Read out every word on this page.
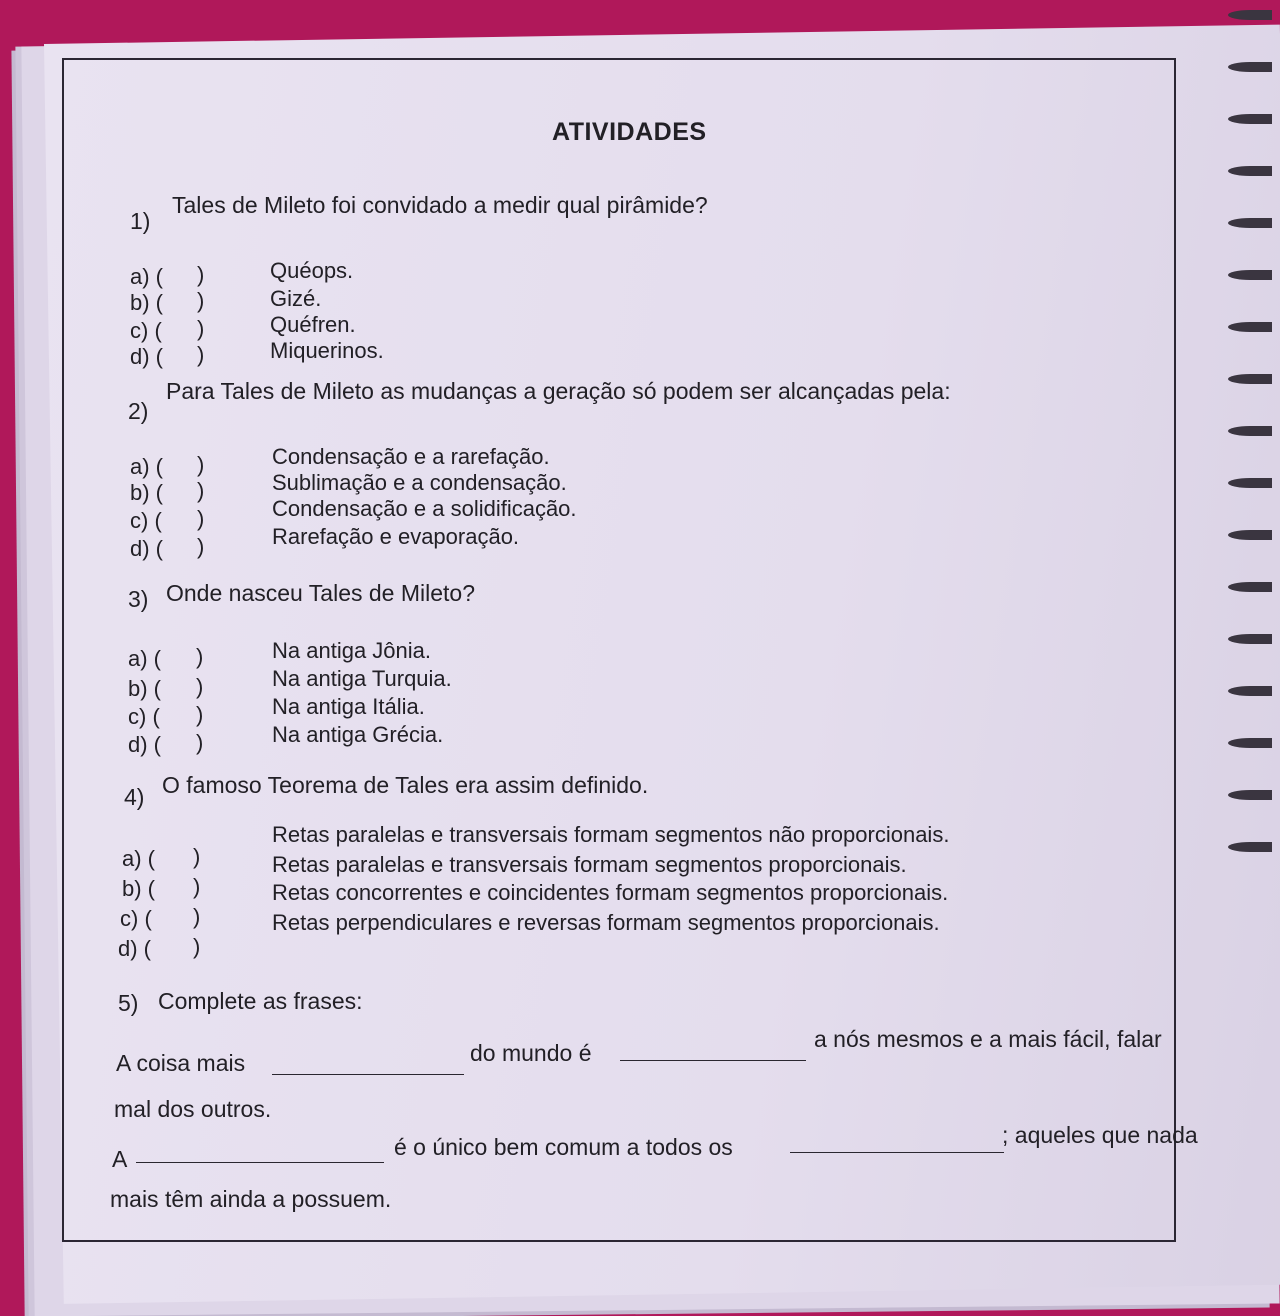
ATIVIDADES
1)
Tales de Mileto foi convidado a medir qual pirâmide?
a) ( )	Quéops.
b) ( )	Gizé.
c) ( )	Quéfren.
d) ( )	Miquerinos.
2)
Para Tales de Mileto as mudanças a geração só podem ser alcançadas pela:
a) ( )	Condensação e a rarefação.
b) ( )	Sublimação e a condensação.
c) ( )	Condensação e a solidificação.
d) ( )	Rarefação e evaporação.
3) Onde nasceu Tales de Mileto?
a) ( )	Na antiga Jônia.
b) ( )	Na antiga Turquia.
c) ( )	Na antiga Itália.
d) ( )	Na antiga Grécia.
4) O famoso Teorema de Tales era assim definido.
a) ( )
Retas paralelas e transversais formam segmentos não proporcionais.
b) ( )
Retas paralelas e transversais formam segmentos proporcionais.
c) ( )
Retas concorrentes e coincidentes formam segmentos proporcionais.
d) ( )
Retas perpendiculares e reversas formam segmentos proporcionais.
5) Complete as frases:
A coisa mais	do mundo é
a nós mesmos e a mais fácil, falar
mal dos outros.
A	é o único bem comum a todos os	; aqueles que nada
mais têm ainda a possuem.
